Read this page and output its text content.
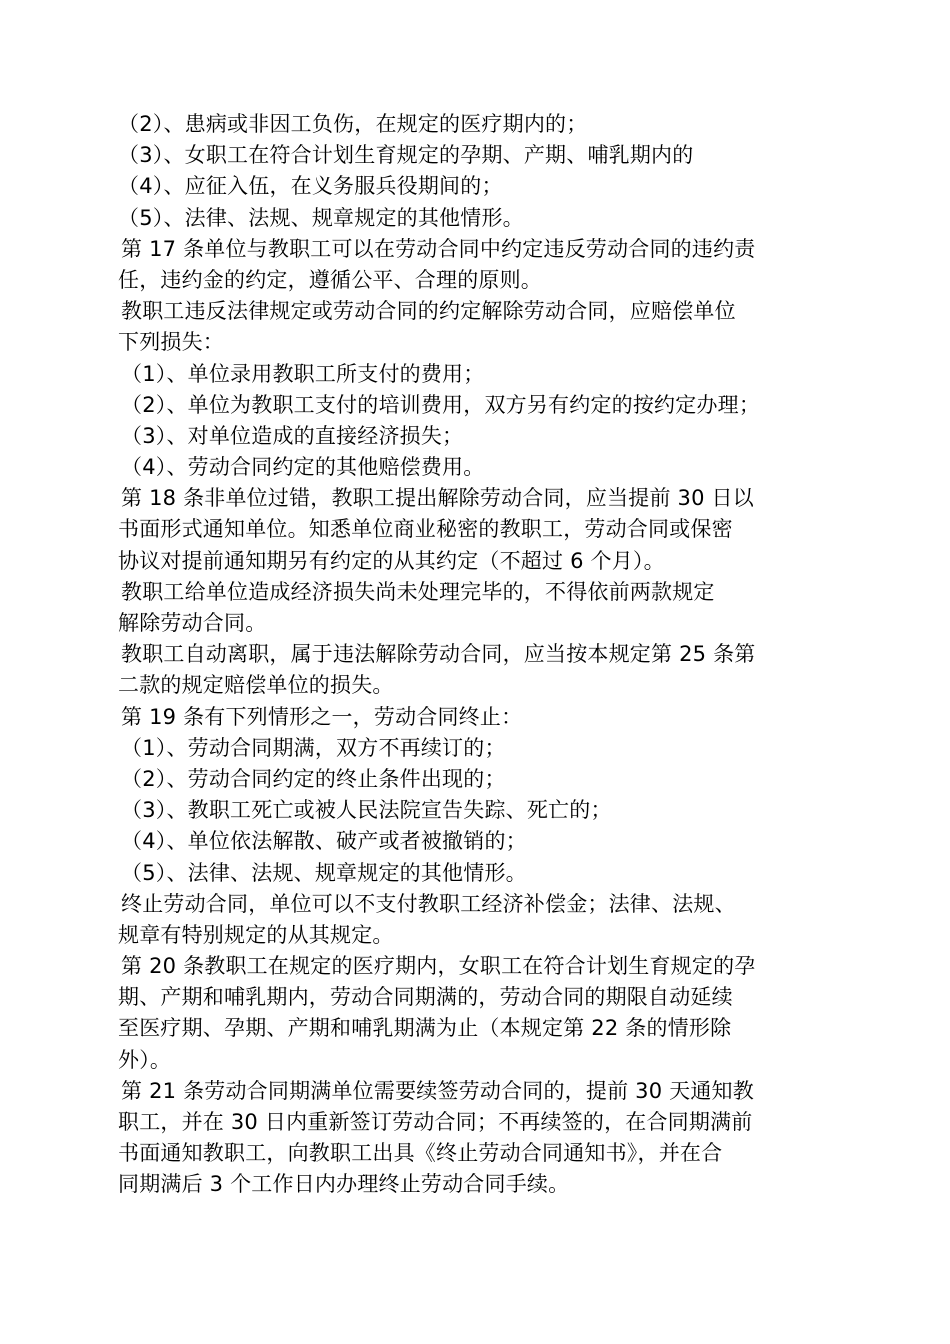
（2）、患病或非因工负伤，在规定的医疗期内的；
（3）、女职工在符合计划生育规定的孕期、产期、哺乳期内的
（4）、应征入伍，在义务服兵役期间的；
（5）、法律、法规、规章规定的其他情形。
第 17 条单位与教职工可以在劳动合同中约定违反劳动合同的违约责
任，违约金的约定，遵循公平、合理的原则。
教职工违反法律规定或劳动合同的约定解除劳动合同，应赔偿单位
下列损失：
（1）、单位录用教职工所支付的费用；
（2）、单位为教职工支付的培训费用，双方另有约定的按约定办理；
（3）、对单位造成的直接经济损失；
（4）、劳动合同约定的其他赔偿费用。
第 18 条非单位过错，教职工提出解除劳动合同，应当提前 30 日以
书面形式通知单位。知悉单位商业秘密的教职工，劳动合同或保密
协议对提前通知期另有约定的从其约定（不超过 6 个月）。
教职工给单位造成经济损失尚未处理完毕的，不得依前两款规定
解除劳动合同。
教职工自动离职，属于违法解除劳动合同，应当按本规定第 25 条第
二款的规定赔偿单位的损失。
第 19 条有下列情形之一，劳动合同终止：
（1）、劳动合同期满，双方不再续订的；
（2）、劳动合同约定的终止条件出现的；
（3）、教职工死亡或被人民法院宣告失踪、死亡的；
（4）、单位依法解散、破产或者被撤销的；
（5）、法律、法规、规章规定的其他情形。
终止劳动合同，单位可以不支付教职工经济补偿金；法律、法规、
规章有特别规定的从其规定。
第 20 条教职工在规定的医疗期内，女职工在符合计划生育规定的孕
期、产期和哺乳期内，劳动合同期满的，劳动合同的期限自动延续
至医疗期、孕期、产期和哺乳期满为止（本规定第 22 条的情形除
外）。
第 21 条劳动合同期满单位需要续签劳动合同的，提前 30 天通知教
职工，并在 30 日内重新签订劳动合同；不再续签的，在合同期满前
书面通知教职工，向教职工出具《终止劳动合同通知书》，并在合
同期满后 3 个工作日内办理终止劳动合同手续。
